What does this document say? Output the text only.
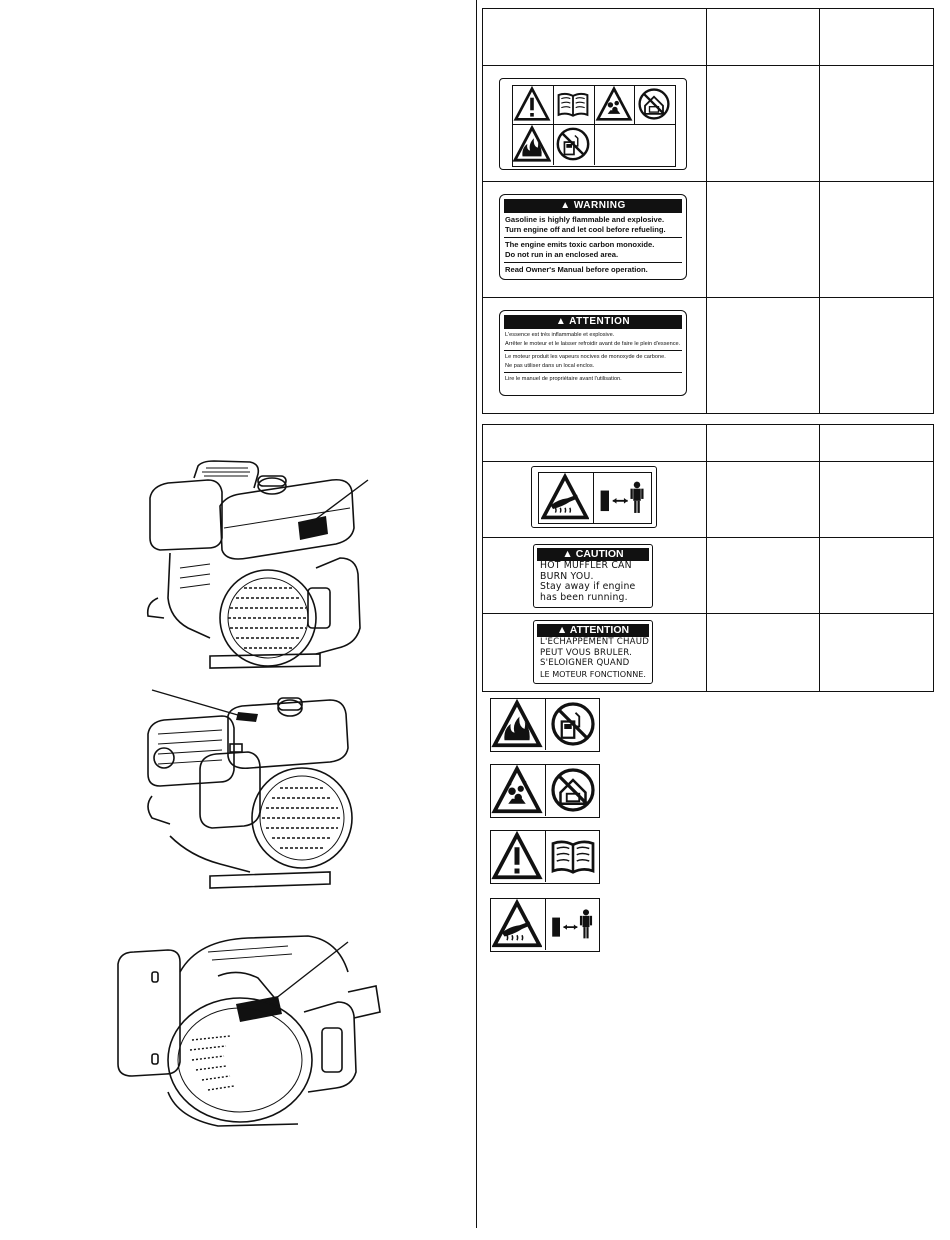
▲ WARNING
Gasoline is highly flammable and explosive.
Turn engine off and let cool before refueling.
The engine emits toxic carbon monoxide.
Do not run in an enclosed area.
Read Owner's Manual before operation.
▲ ATTENTION
L'essence est très inflammable et explosive.
Arrêter le moteur et le laisser refroidir avant de faire le plein d'essence.
Le moteur produit les vapeurs nocives de monoxyde de carbone.
Ne pas utiliser dans un local enclos.
Lire le manuel de propriétaire avant l'utilisation.
▲ CAUTION
HOT MUFFLER CAN
BURN YOU.
Stay away if engine
has been running.
▲ ATTENTION
L'ECHAPPEMENT CHAUD
PEUT VOUS BRULER.
S'ELOIGNER QUAND
LE MOTEUR FONCTIONNE.
